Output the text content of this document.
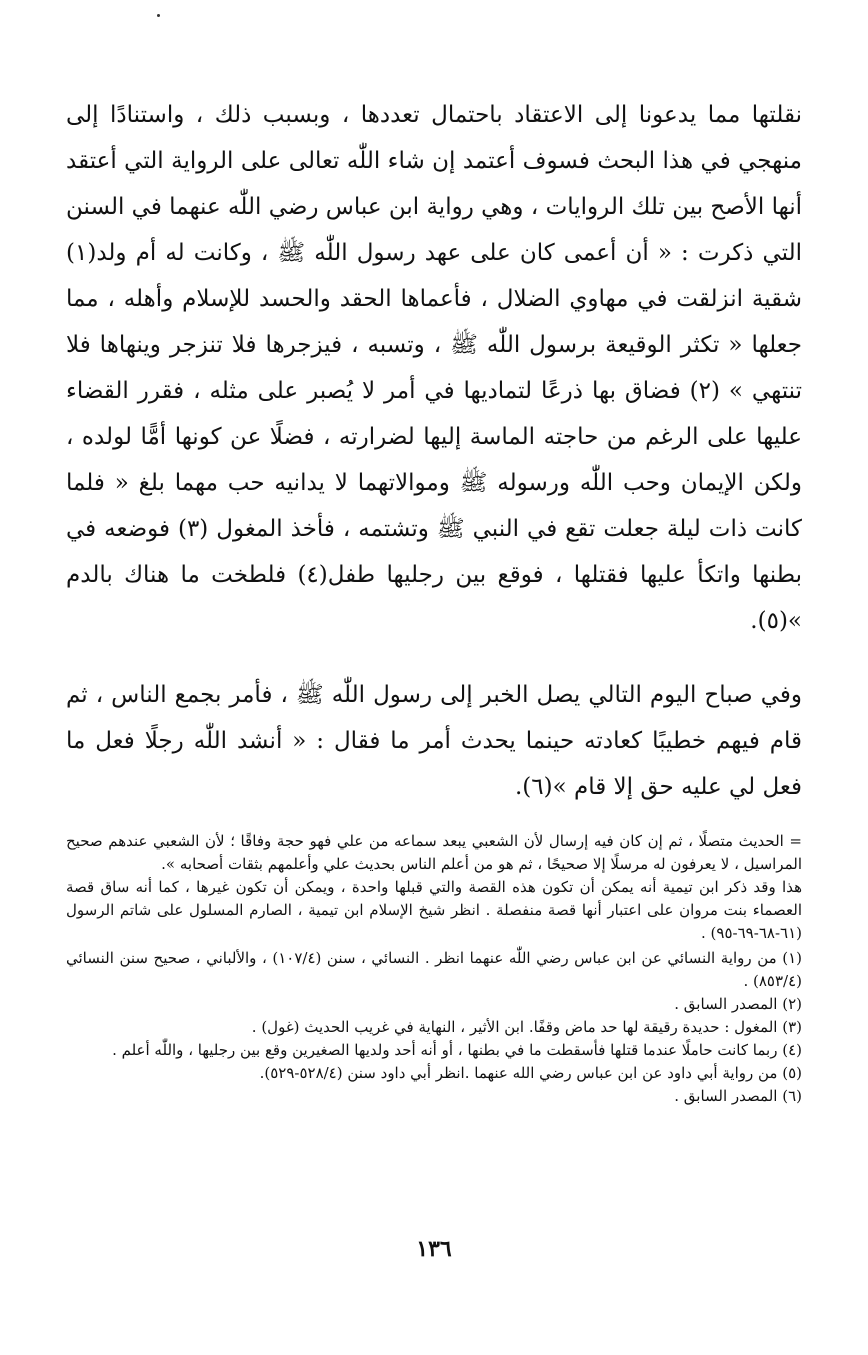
نقلتها مما يدعونا إلى الاعتقاد باحتمال تعددها ، وبسبب ذلك ، واستنادًا إلى منهجي في هذا البحث فسوف أعتمد إن شاء اللّٰه تعالى على الرواية التي أعتقد أنها الأصح بين تلك الروايات ، وهي رواية ابن عباس رضي اللّٰه عنهما في السنن التي ذكرت : « أن أعمى كان على عهد رسول اللّٰه ﷺ ، وكانت له أم ولد(١) شقية انزلقت في مهاوي الضلال ، فأعماها الحقد والحسد للإسلام وأهله ، مما جعلها « تكثر الوقيعة برسول اللّٰه ﷺ ، وتسبه ، فيزجرها فلا تنزجر وينهاها فلا تنتهي » (٢) فضاق بها ذرعًا لتماديها في أمر لا يُصبر على مثله ، فقرر القضاء عليها على الرغم من حاجته الماسة إليها لضرارته ، فضلًا عن كونها أمًّا لولده ، ولكن الإيمان وحب اللّٰه ورسوله ﷺ وموالاتهما لا يدانيه حب مهما بلغ « فلما كانت ذات ليلة جعلت تقع في النبي ﷺ وتشتمه ، فأخذ المغول (٣) فوضعه في بطنها واتكأ عليها فقتلها ، فوقع بين رجليها طفل(٤) فلطخت ما هناك بالدم »(٥).

وفي صباح اليوم التالي يصل الخبر إلى رسول اللّٰه ﷺ ، فأمر بجمع الناس ، ثم قام فيهم خطيبًا كعادته حينما يحدث أمر ما فقال : « أنشد اللّٰه رجلًا فعل ما فعل لي عليه حق إلا قام »(٦).

= الحديث متصلًا ، ثم إن كان فيه إرسال لأن الشعبي يبعد سماعه من علي فهو حجة وفاقًا ؛ لأن الشعبي عندهم صحيح المراسيل ، لا يعرفون له مرسلًا إلا صحيحًا ، ثم هو من أعلم الناس بحديث علي وأعلمهم بثقات أصحابه ».

هذا وقد ذكر ابن تيمية أنه يمكن أن تكون هذه القصة والتي قبلها واحدة ، ويمكن أن تكون غيرها ، كما أنه ساق قصة العصماء بنت مروان على اعتبار أنها قصة منفصلة . انظر شيخ الإسلام ابن تيمية ، الصارم المسلول على شاتم الرسول (٦١-٦٨-٦٩-٩٥) .

(١) من رواية النسائي عن ابن عباس رضي اللّٰه عنهما انظر . النسائي ، سنن (١٠٧/٤) ، والألباني ، صحيح سنن النسائي (٨٥٣/٤) .

(٢) المصدر السابق .

(٣) المغول : حديدة رقيقة لها حد ماض وقفًا. ابن الأثير ، النهاية في غريب الحديث (غول) .

(٤) ربما كانت حاملًا عندما قتلها فأسقطت ما في بطنها ، أو أنه أحد ولديها الصغيرين وقع بين رجليها ، واللّٰه أعلم .

(٥) من رواية أبي داود عن ابن عباس رضي الله عنهما .انظر أبي داود سنن (٥٢٨/٤-٥٢٩).

(٦) المصدر السابق .

١٣٦
